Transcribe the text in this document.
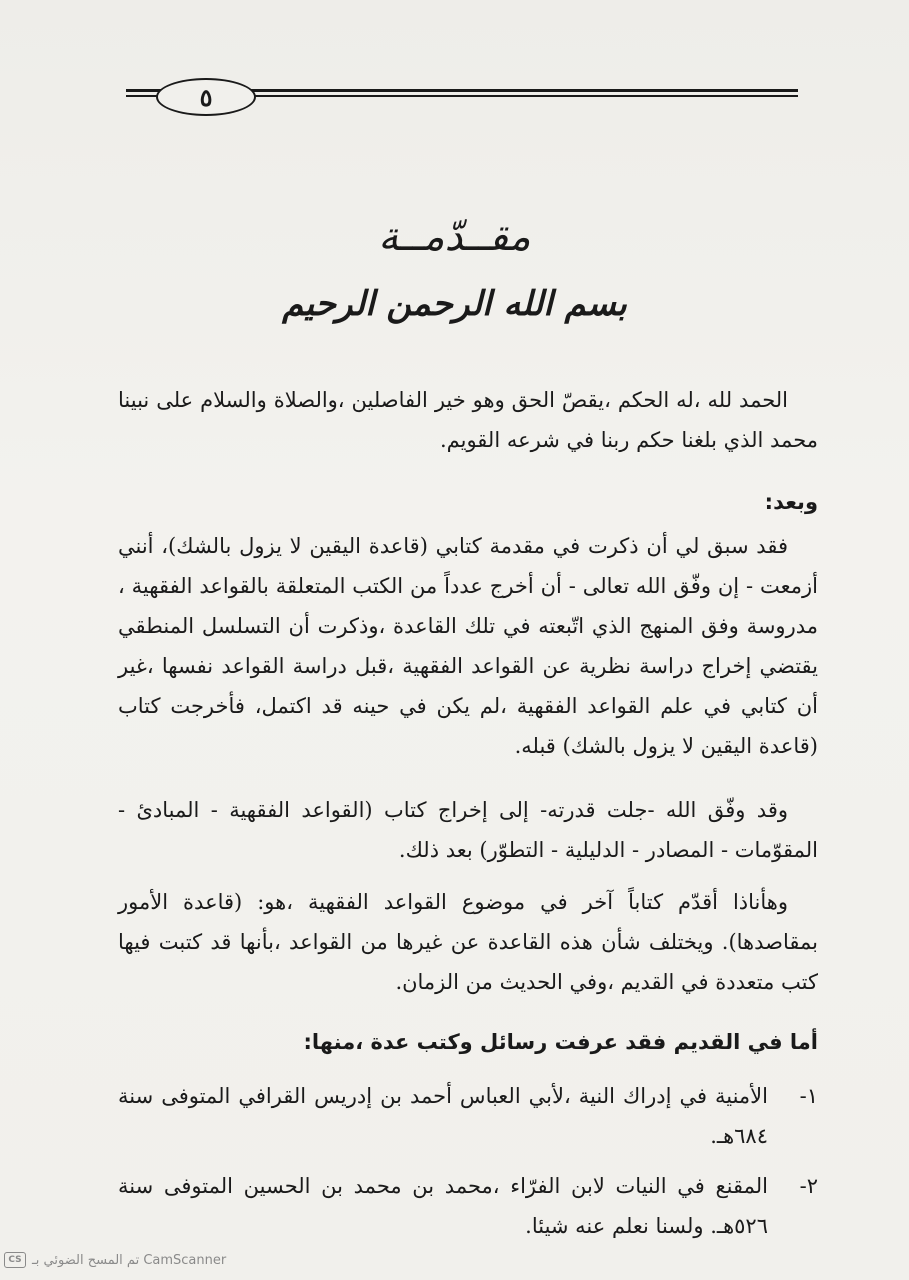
٥
مقــدّمــة
بسم الله الرحمن الرحيم
الحمد لله ،له الحكم ،يقصّ الحق وهو خير الفاصلين ،والصلاة والسلام على نبينا محمد الذي بلغنا حكم ربنا في شرعه القويم.
وبعد:
فقد سبق لي أن ذكرت في مقدمة كتابي (قاعدة اليقين لا يزول بالشك)، أنني أزمعت - إن وفّق الله تعالى - أن أخرج عدداً من الكتب المتعلقة بالقواعد الفقهية ، مدروسة وفق المنهج الذي اتّبعته في تلك القاعدة ،وذكرت أن التسلسل المنطقي يقتضي إخراج دراسة نظرية عن القواعد الفقهية ،قبل دراسة القواعد نفسها ،غير أن كتابي في علم القواعد الفقهية ،لم يكن في حينه قد اكتمل، فأخرجت كتاب (قاعدة اليقين لا يزول بالشك) قبله.
وقد وفّق الله -جلت قدرته- إلى إخراج كتاب (القواعد الفقهية - المبادئ - المقوّمات - المصادر - الدليلية - التطوّر) بعد ذلك.
وهأناذا أقدّم كتاباً آخر في موضوع القواعد الفقهية ،هو: (قاعدة الأمور بمقاصدها). ويختلف شأن هذه القاعدة عن غيرها من القواعد ،بأنها قد كتبت فيها كتب متعددة في القديم ،وفي الحديث من الزمان.
أما في القديم فقد عرفت رسائل وكتب عدة ،منها:
١-
الأمنية في إدراك النية ،لأبي العباس أحمد بن إدريس القرافي المتوفى سنة ٦٨٤هـ.
٢-
المقنع في النيات لابن الفرّاء ،محمد بن محمد بن الحسين المتوفى سنة ٥٢٦هـ. ولسنا نعلم عنه شيئا.
CS تم المسح الضوئي بـ CamScanner
